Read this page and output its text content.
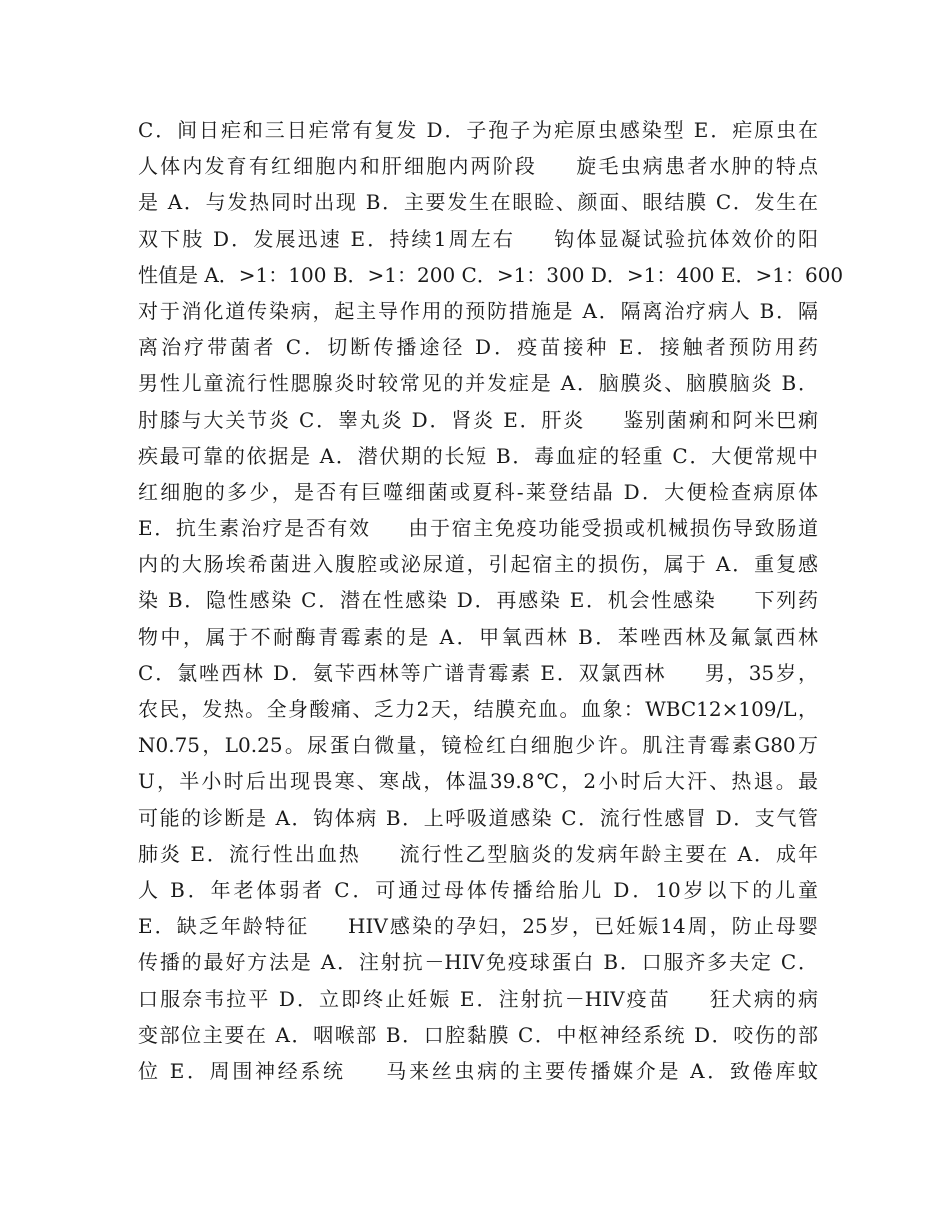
C．间日疟和三日疟常有复发 D．子孢子为疟原虫感染型 E．疟原虫在
人体内发育有红细胞内和肝细胞内两阶段　  旋毛虫病患者水肿的特点
是 A．与发热同时出现 B．主要发生在眼睑、颜面、眼结膜 C．发生在
双下肢 D．发展迅速 E．持续1周左右　  钩体显凝试验抗体效价的阳
性值是 A．>1：100 B．>1：200 C．>1：300 D．>1：400 E．>1：600
对于消化道传染病，起主导作用的预防措施是 A．隔离治疗病人 B．隔
离治疗带菌者 C．切断传播途径 D．疫苗接种 E．接触者预防用药
男性儿童流行性腮腺炎时较常见的并发症是 A．脑膜炎、脑膜脑炎 B．
肘膝与大关节炎 C．睾丸炎 D．肾炎 E．肝炎　  鉴别菌痢和阿米巴痢
疾最可靠的依据是 A．潜伏期的长短 B．毒血症的轻重 C．大便常规中
红细胞的多少，是否有巨噬细菌或夏科-莱登结晶 D．大便检查病原体
E．抗生素治疗是否有效　  由于宿主免疫功能受损或机械损伤导致肠道
内的大肠埃希菌进入腹腔或泌尿道，引起宿主的损伤，属于 A．重复感
染 B．隐性感染 C．潜在性感染 D．再感染 E．机会性感染　  下列药
物中，属于不耐酶青霉素的是 A．甲氧西林 B．苯唑西林及氟氯西林
C．氯唑西林 D．氨苄西林等广谱青霉素 E．双氯西林　  男，35岁，
农民，发热。全身酸痛、乏力2天，结膜充血。血象：WBC12×109/L，
N0.75，L0.25。尿蛋白微量，镜检红白细胞少许。肌注青霉素G80万
U，半小时后出现畏寒、寒战，体温39.8℃，2小时后大汗、热退。最
可能的诊断是 A．钩体病 B．上呼吸道感染 C．流行性感冒 D．支气管
肺炎 E．流行性出血热　  流行性乙型脑炎的发病年龄主要在 A．成年
人 B．年老体弱者 C．可通过母体传播给胎儿 D．10岁以下的儿童
E．缺乏年龄特征　  HIV感染的孕妇，25岁，已妊娠14周，防止母婴
传播的最好方法是 A．注射抗－HIV免疫球蛋白 B．口服齐多夫定 C．
口服奈韦拉平 D．立即终止妊娠 E．注射抗－HIV疫苗　  狂犬病的病
变部位主要在 A．咽喉部 B．口腔黏膜 C．中枢神经系统 D．咬伤的部
位 E．周围神经系统　  马来丝虫病的主要传播媒介是 A．致倦库蚊
